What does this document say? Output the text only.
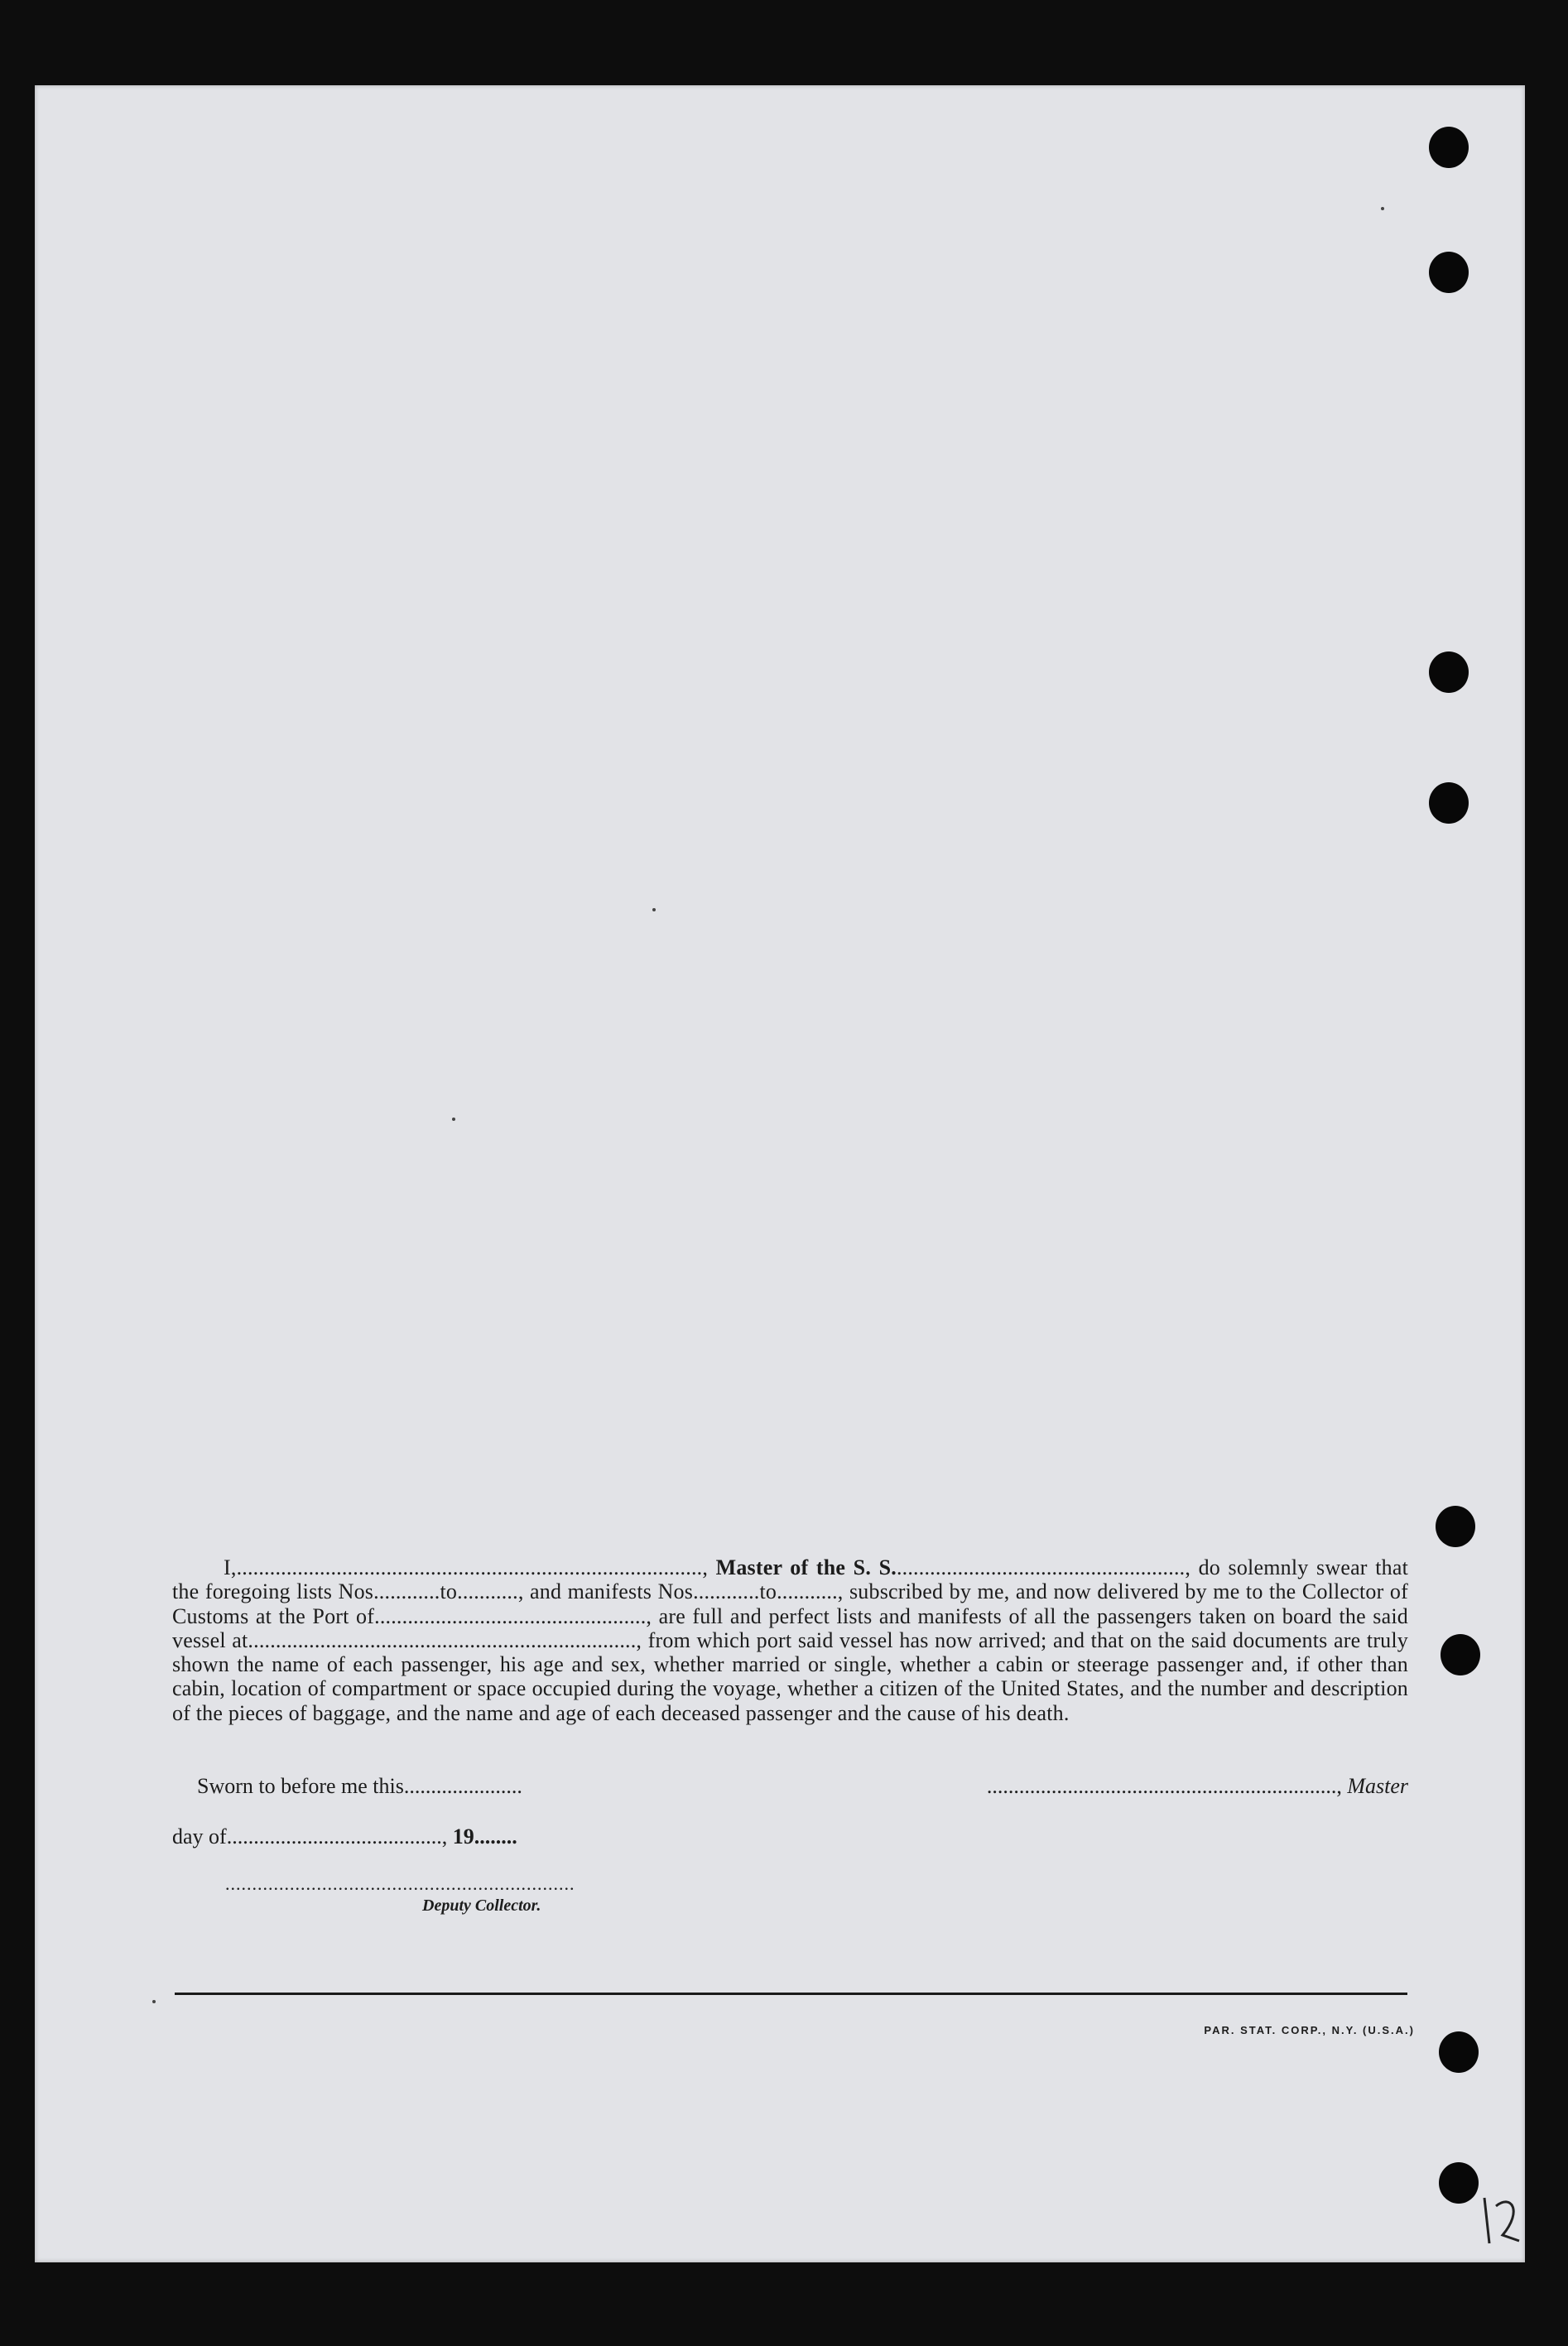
I,...................................................................................., Master of the S. S....................................................., do solemnly swear that the foregoing lists Nos............to..........., and manifests Nos............to..........., subscribed by me, and now delivered by me to the Collector of Customs at the Port of................................................., are full and perfect lists and manifests of all the passengers taken on board the said vessel at......................................................................, from which port said vessel has now arrived; and that on the said documents are truly shown the name of each passenger, his age and sex, whether married or single, whether a cabin or steerage passenger and, if other than cabin, location of compartment or space occupied during the voyage, whether a citizen of the United States, and the number and description of the pieces of baggage, and the name and age of each deceased passenger and the cause of his death.
Sworn to before me this......................	................................................................., Master
day of........................................, 19........
.................................................................
Deputy Collector.
PAR. STAT. CORP., N.Y. (U.S.A.)
